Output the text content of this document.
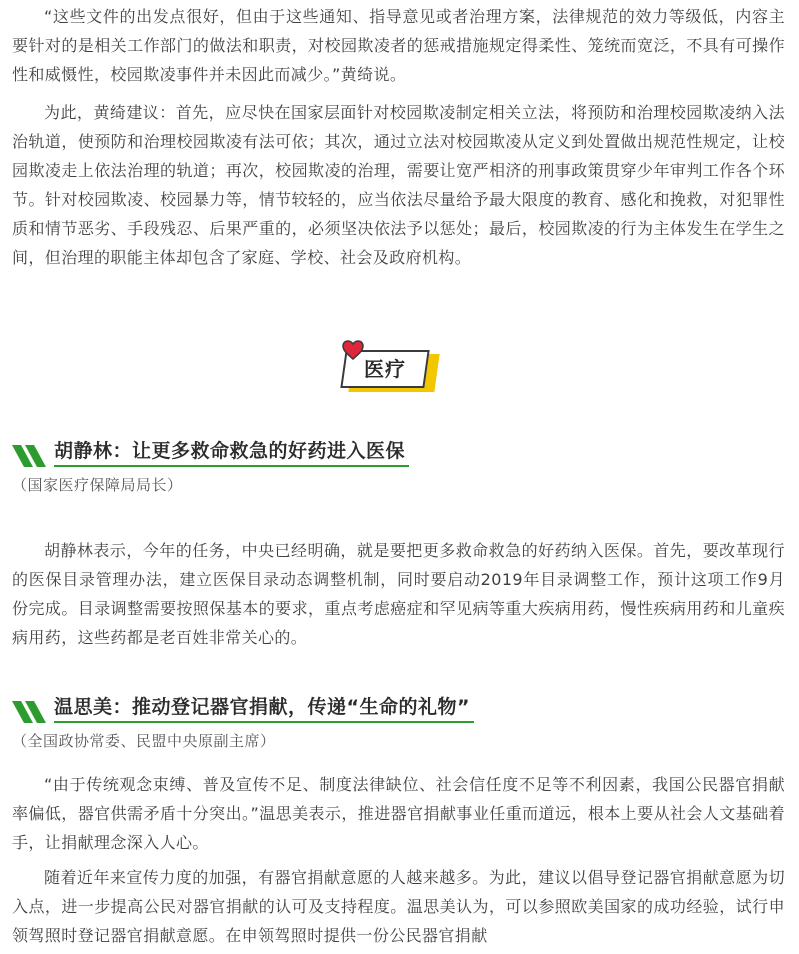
“这些文件的出发点很好，但由于这些通知、指导意见或者治理方案，法律规范的效力等级低，内容主要针对的是相关工作部门的做法和职责，对校园欺凌者的惩戒措施规定得柔性、笼统而宽泛，不具有可操作性和威慑性，校园欺凌事件并未因此而减少。”黄绮说。

为此，黄绮建议：首先，应尽快在国家层面针对校园欺凌制定相关立法，将预防和治理校园欺凌纳入法治轨道，使预防和治理校园欺凌有法可依；其次，通过立法对校园欺凌从定义到处置做出规范性规定，让校园欺凌走上依法治理的轨道；再次，校园欺凌的治理，需要让宽严相济的刑事政策贯穿少年审判工作各个环节。针对校园欺凌、校园暴力等，情节较轻的，应当依法尽量给予最大限度的教育、感化和挽救，对犯罪性质和情节恶劣、手段残忍、后果严重的，必须坚决依法予以惩处；最后，校园欺凌的行为主体发生在学生之间，但治理的职能主体却包含了家庭、学校、社会及政府机构。

医疗
胡静林：让更多救命救急的好药进入医保
（国家医疗保障局局长）

胡静林表示，今年的任务，中央已经明确，就是要把更多救命救急的好药纳入医保。首先，要改革现行的医保目录管理办法，建立医保目录动态调整机制，同时要启动2019年目录调整工作，预计这项工作9月份完成。目录调整需要按照保基本的要求，重点考虑癌症和罕见病等重大疾病用药，慢性疾病用药和儿童疾病用药，这些药都是老百姓非常关心的。

温思美：推动登记器官捐献，传递“生命的礼物”
（全国政协常委、民盟中央原副主席）

“由于传统观念束缚、普及宣传不足、制度法律缺位、社会信任度不足等不利因素，我国公民器官捐献率偏低，器官供需矛盾十分突出。”温思美表示，推进器官捐献事业任重而道远，根本上要从社会人文基础着手，让捐献理念深入人心。

随着近年来宣传力度的加强，有器官捐献意愿的人越来越多。为此，建议以倡导登记器官捐献意愿为切入点，进一步提高公民对器官捐献的认可及支持程度。温思美认为，可以参照欧美国家的成功经验，试行申领驾照时登记器官捐献意愿。在申领驾照时提供一份公民器官捐献
